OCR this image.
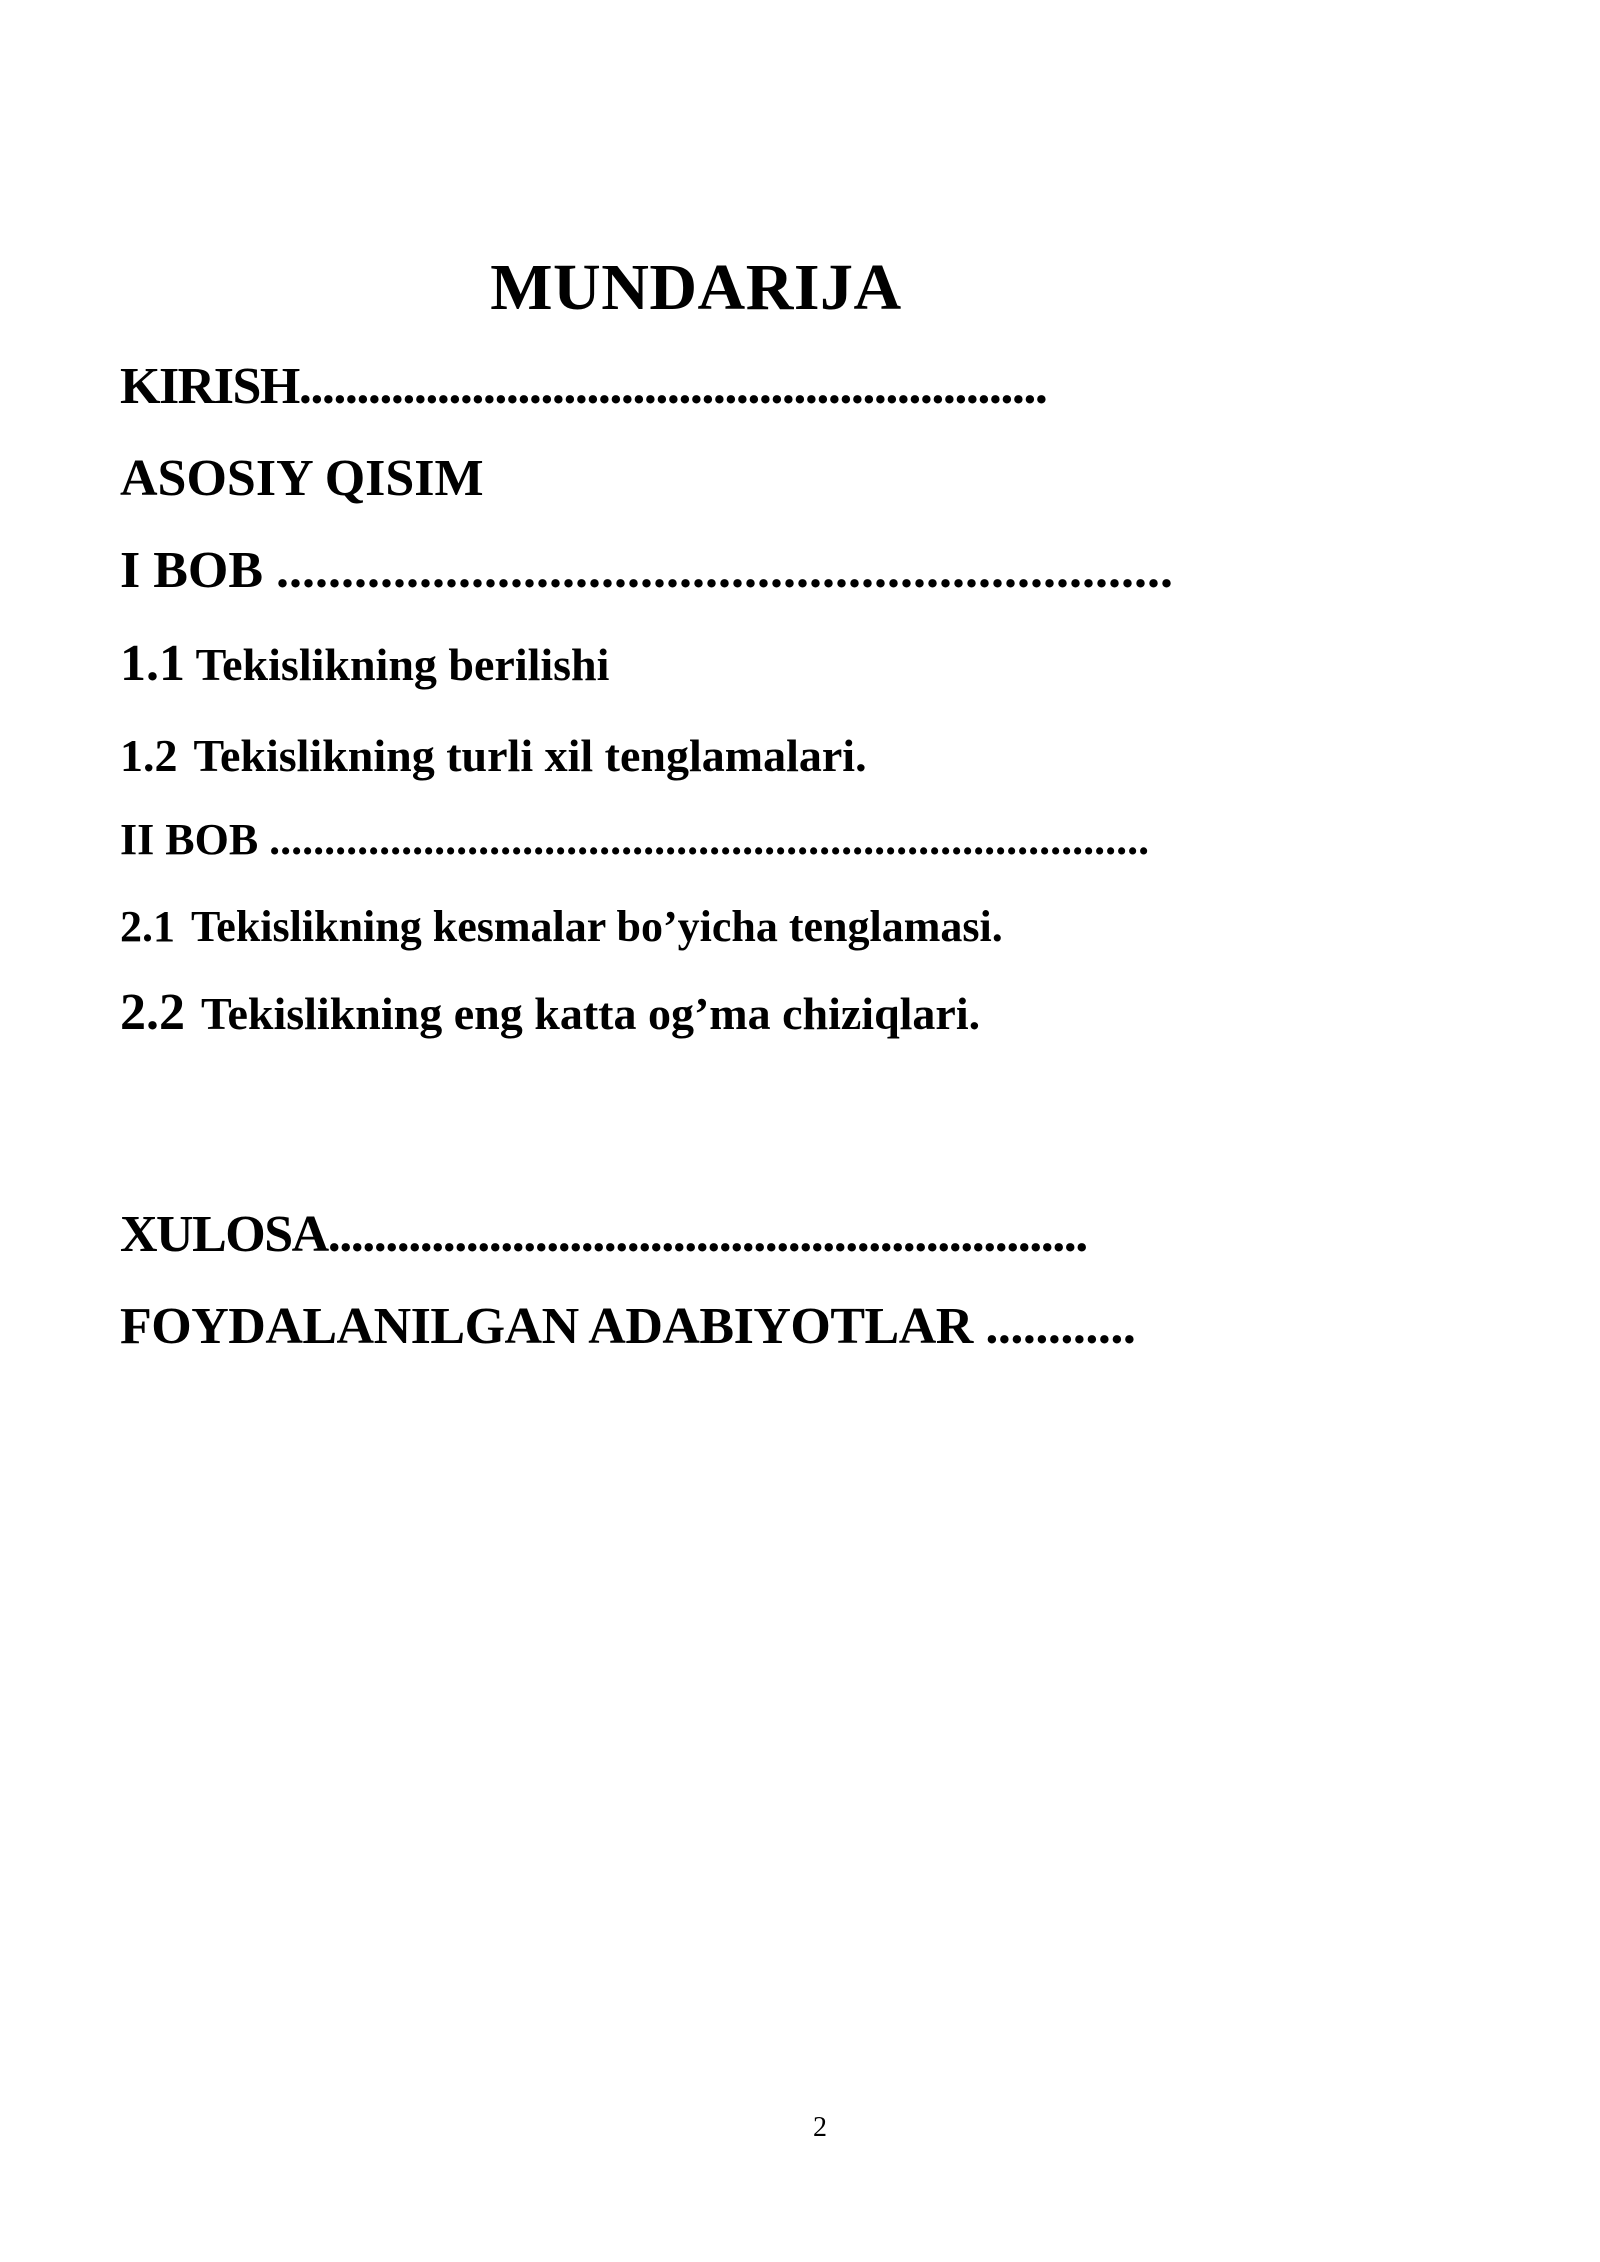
MUNDARIJA
KIRISH.................................................................
ASOSIY QISIM
I BOB .....................................................................
1.1 Tekislikning berilishi
1.2 Tekislikning turli xil tenglamalari.
II BOB ................................................................................
2.1 Tekislikning kesmalar bo’yicha tenglamasi.
2.2 Tekislikning eng katta og’ma chiziqlari.
XULOSA..................................................................
FOYDALANILGAN ADABIYOTLAR ............
2
